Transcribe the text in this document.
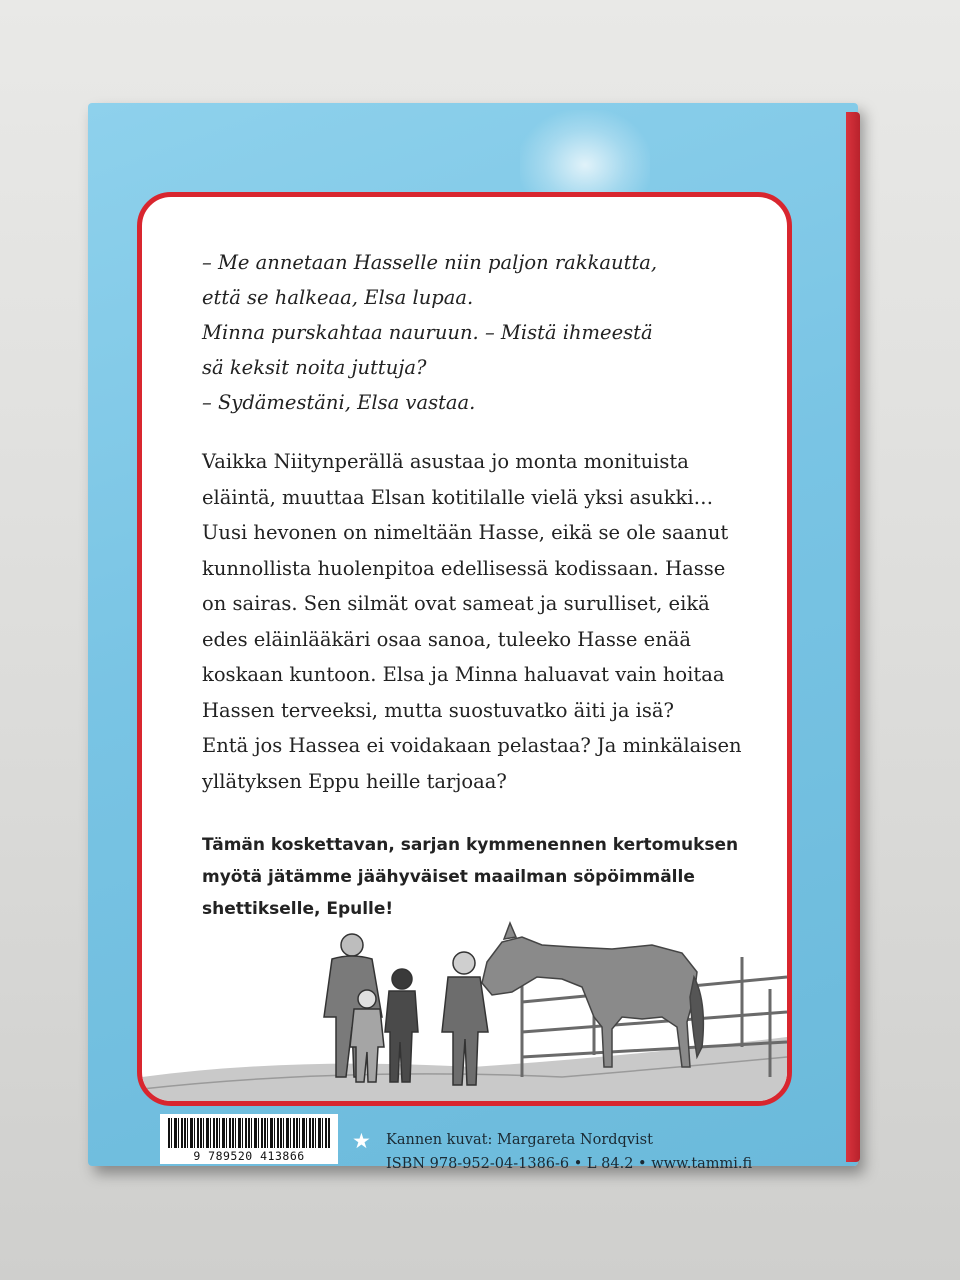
– Me annetaan Hasselle niin paljon rakkautta,

että se halkeaa, Elsa lupaa.

Minna purskahtaa nauruun. – Mistä ihmeestä

sä keksit noita juttuja?

– Sydämestäni, Elsa vastaa.

Vaikka Niitynperällä asustaa jo monta monituista
eläintä, muuttaa Elsan kotitilalle vielä yksi asukki…
Uusi hevonen on nimeltään Hasse, eikä se ole saanut
kunnollista huolenpitoa edellisessä kodissaan. Hasse
on sairas. Sen silmät ovat sameat ja surulliset, eikä
edes eläinlääkäri osaa sanoa, tuleeko Hasse enää
koskaan kuntoon. Elsa ja Minna haluavat vain hoitaa
Hassen terveeksi, mutta suostuvatko äiti ja isä?
Entä jos Hassea ei voidakaan pelastaa? Ja minkälaisen
yllätyksen Eppu heille tarjoaa?
Tämän koskettavan, sarjan kymmenennen kertomuksen
myötä jätämme jäähyväiset maailman söpöimmälle
shettikselle, Epulle!
9 789520 413866
★ Kannen kuvat: Margareta Nordqvist
ISBN 978-952-04-1386-6 • L 84.2 • www.tammi.fi
